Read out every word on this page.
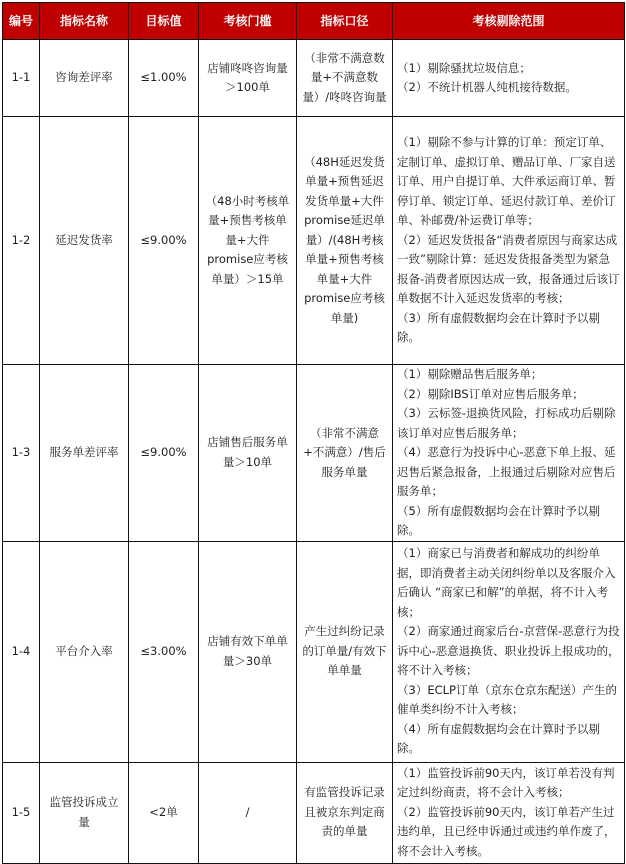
编号	指标名称	目标值	考核门槛	指标口径	考核剔除范围
1-1	咨询差评率	≤1.00%	店铺咚咚咨询量＞100单	（非常不满意数量+不满意数量）/咚咚咨询量	（1）剔除骚扰垃圾信息；
（2）不统计机器人纯机接待数据。

1-2	延迟发货率	≤9.00%	（48小时考核单量+预售考核单量+大件promise应考核单量）＞15单	（48H延迟发货单量+预售延迟发货单量+大件promise延迟单量）/(48H考核单量+预售考核单量+大件promise应考核单量)	（1）剔除不参与计算的订单：预定订单、定制订单、虚拟订单、赠品订单、厂家自送订单、用户自提订单、大件承运商订单、暂停订单、锁定订单、延迟付款订单、差价订单、补邮费/补运费订单等；
（2）延迟发货报备“消费者原因与商家达成一致”剔除计算：延迟发货报备类型为紧急报备-消费者原因达成一致，报备通过后该订单数据不计入延迟发货率的考核；
（3）所有虚假数据均会在计算时予以剔除。

1-3	服务单差评率	≤9.00%	店铺售后服务单量＞10单	（非常不满意+不满意）/售后服务单量	（1）剔除赠品售后服务单；
（2）剔除IBS订单对应售后服务单；
（3）云标签-退换货风险，打标成功后剔除该订单对应售后服务单；
（4）恶意行为投诉中心-恶意下单上报、延迟售后紧急报备，上报通过后剔除对应售后服务单；
（5）所有虚假数据均会在计算时予以剔除。

1-4	平台介入率	≤3.00%	店铺有效下单单量＞30单	产生过纠纷记录的订单量/有效下单单量	（1）商家已与消费者和解成功的纠纷单据，即消费者主动关闭纠纷单以及客服介入后确认 “商家已和解”的单据，将不计入考核；
（2）商家通过商家后台-京营保-恶意行为投诉中心-恶意退换货、职业投诉上报成功的，将不计入考核；
（3）ECLP订单（京东仓京东配送）产生的催单类纠纷不计入考核；
（4）所有虚假数据均会在计算时予以剔除。

1-5	监管投诉成立量	<2单	/	有监管投诉记录且被京东判定商责的单量	（1）监管投诉前90天内，该订单若没有判定过纠纷商责，将不会计入考核；
（2）监管投诉前90天内，该订单若产生过违约单，且已经申诉通过或违约单作废了，将不会计入考核。
